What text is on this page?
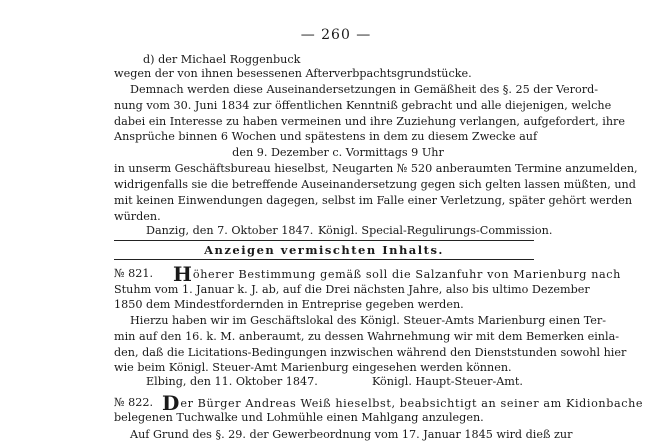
— 260 —
d) der Michael Roggenbuck
wegen der von ihnen besessenen Afterverbpachtsgrundstücke.
Demnach werden diese Auseinandersetzungen in Gemäßheit des §. 25 der Verord-
nung vom 30. Juni 1834 zur öffentlichen Kenntniß gebracht und alle diejenigen, welche
dabei ein Interesse zu haben vermeinen und ihre Zuziehung verlangen, aufgefordert, ihre
Ansprüche binnen 6 Wochen und spätestens in dem zu diesem Zwecke auf
den 9. Dezember c. Vormittags 9 Uhr
in unserm Geschäftsbureau hieselbst, Neugarten № 520 anberaumten Termine anzumelden,
widrigenfalls sie die betreffende Auseinandersetzung gegen sich gelten lassen müßten, und
mit keinen Einwendungen dagegen, selbst im Falle einer Verletzung, später gehört werden
würden.
Danzig, den 7. Oktober 1847. Königl. Special-Regulirungs-Commission.
Anzeigen vermischten Inhalts.
№ 821. Höherer Bestimmung gemäß soll die Salzanfuhr von Marienburg nach
Stuhm vom 1. Januar k. J. ab, auf die Drei nächsten Jahre, also bis ultimo Dezember
1850 dem Mindestfordernden in Entreprise gegeben werden.
Hierzu haben wir im Geschäftslokal des Königl. Steuer-Amts Marienburg einen Ter-
min auf den 16. k. M. anberaumt, zu dessen Wahrnehmung wir mit dem Bemerken einla-
den, daß die Licitations-Bedingungen inzwischen während den Dienststunden sowohl hier
wie beim Königl. Steuer-Amt Marienburg eingesehen werden können.
Elbing, den 11. Oktober 1847.	Königl. Haupt-Steuer-Amt.
№ 822. Der Bürger Andreas Weiß hieselbst, beabsichtigt an seiner am Kidionbache
belegenen Tuchwalke und Lohmühle einen Mahlgang anzulegen.
Auf Grund des §. 29. der Gewerbeordnung vom 17. Januar 1845 wird dieß zur
